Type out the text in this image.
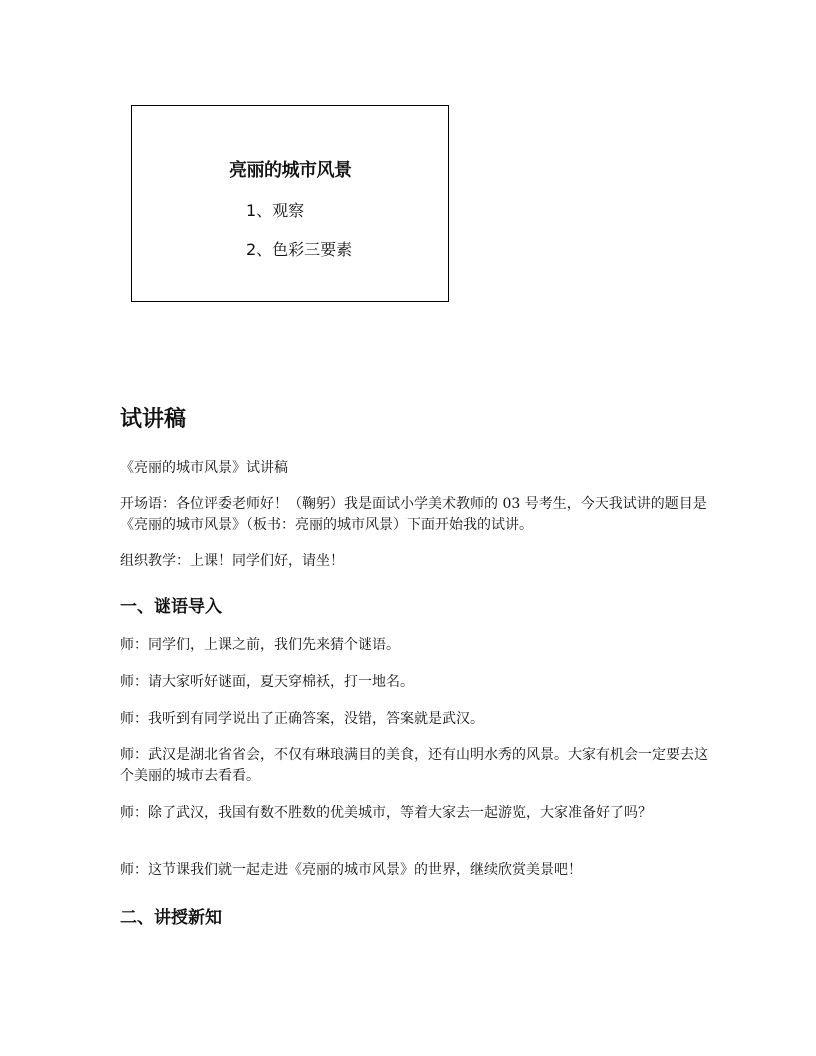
亮丽的城市风景
1、观察
2、色彩三要素
试讲稿

《亮丽的城市风景》试讲稿

开场语：各位评委老师好！（鞠躬）我是面试小学美术教师的 03 号考生，今天我试讲的题目是《亮丽的城市风景》（板书：亮丽的城市风景）下面开始我的试讲。

组织教学：上课！同学们好，请坐！

一、谜语导入

师：同学们，上课之前，我们先来猜个谜语。

师：请大家听好谜面，夏天穿棉袄，打一地名。

师：我听到有同学说出了正确答案，没错，答案就是武汉。

师：武汉是湖北省省会，不仅有琳琅满目的美食，还有山明水秀的风景。大家有机会一定要去这个美丽的城市去看看。

师：除了武汉，我国有数不胜数的优美城市，等着大家去一起游览，大家准备好了吗？

师：这节课我们就一起走进《亮丽的城市风景》的世界，继续欣赏美景吧！

二、讲授新知
